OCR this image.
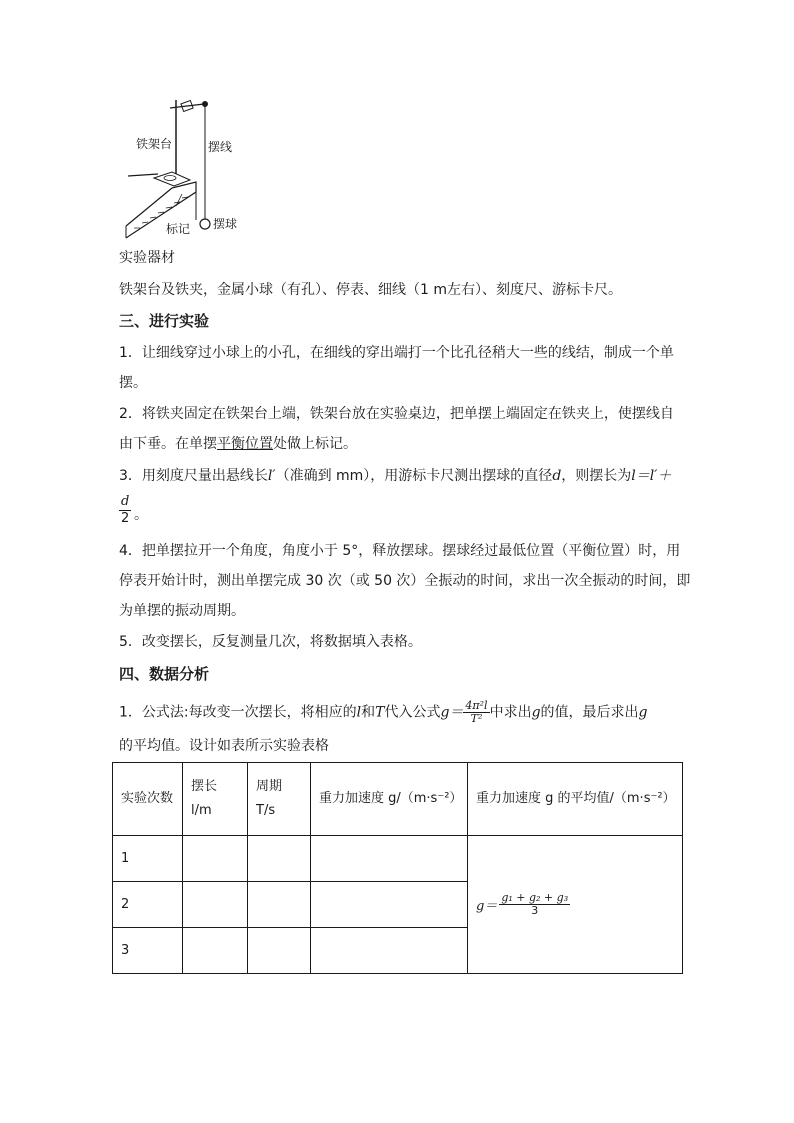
铁架台	摆线
标记 摆球
实验器材
铁架台及铁夹，金属小球（有孔）、停表、细线（1 m左右）、刻度尺、游标卡尺。
三、进行实验
1．让细线穿过小球上的小孔，在细线的穿出端打一个比孔径稍大一些的线结，制成一个单
摆。
2．将铁夹固定在铁架台上端，铁架台放在实验桌边，把单摆上端固定在铁夹上，使摆线自
由下垂。在单摆平衡位置处做上标记。
3．用刻度尺量出悬线长l′（准确到 mm），用游标卡尺测出摆球的直径d，则摆长为l＝l′＋
$\frac{d}{2}$ 。
4．把单摆拉开一个角度，角度小于 5°，释放摆球。摆球经过最低位置（平衡位置）时，用
停表开始计时，测出单摆完成 30 次（或 50 次）全振动的时间，求出一次全振动的时间，即
为单摆的振动周期。
5．改变摆长，反复测量几次，将数据填入表格。
四、数据分析
1．公式法:每改变一次摆长，将相应的l和T代入公式$g= \frac{\text{4π²l}}{\text{T²}}$ 中求出g的值，最后求出g
的平均值。设计如表所示实验表格
实验次数	摆长 l/m	周期 T/s	重力加速度 g/（m·s⁻²）	重力加速度 g 的平均值/（m·s⁻²）
1				$g= \frac{\text{g₁ + g₂ + g₃}}{3}$

2				
3				
